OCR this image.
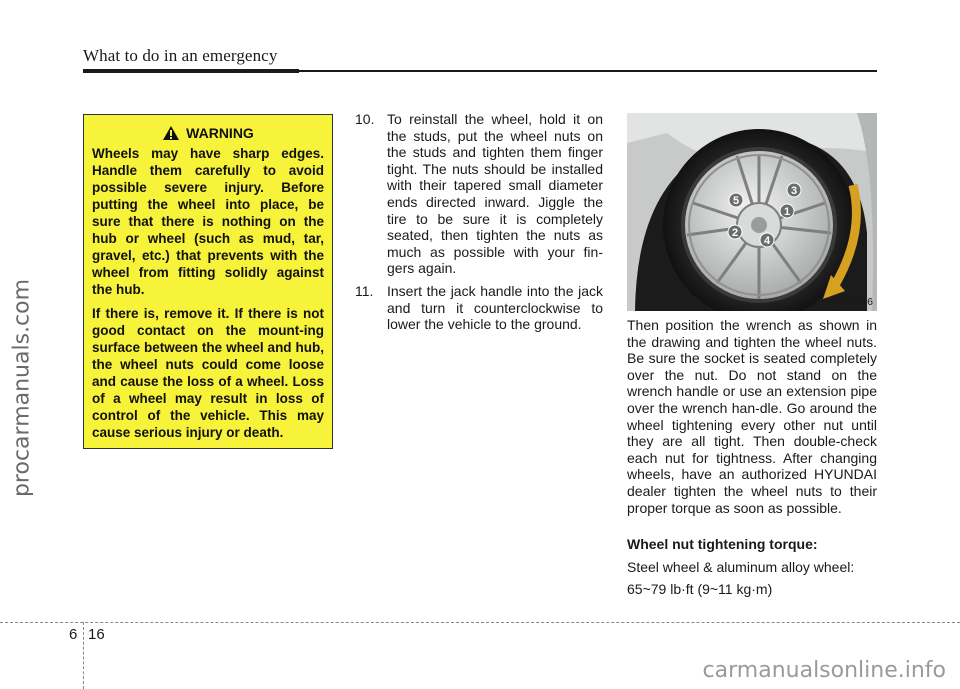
What to do in an emergency
procarmanuals.com
WARNING

Wheels may have sharp edges. Handle them carefully to avoid possible severe injury. Before putting the wheel into place, be sure that there is nothing on the hub or wheel (such as mud, tar, gravel, etc.) that prevents with the wheel from fitting solidly against the hub.

If there is, remove it. If there is not good contact on the mount-ing surface between the wheel and hub, the wheel nuts could come loose and cause the loss of a wheel. Loss of a wheel may result in loss of control of the vehicle. This may cause serious injury or death.

10. To reinstall the wheel, hold it on the studs, put the wheel nuts on the studs and tighten them finger tight. The nuts should be installed with their tapered small diameter ends directed inward. Jiggle the tire to be sure it is completely seated, then tighten the nuts as much as possible with your fin-gers again.
11. Insert the jack handle into the jack and turn it counterclockwise to lower the vehicle to the ground.
3
5
1
2
4
OBK069016

Then position the wrench as shown in the drawing and tighten the wheel nuts. Be sure the socket is seated completely over the nut. Do not stand on the wrench handle or use an extension pipe over the wrench han-dle. Go around the wheel tightening every other nut until they are all tight. Then double-check each nut for tightness. After changing wheels, have an authorized HYUNDAI dealer tighten the wheel nuts to their proper torque as soon as possible.

Wheel nut tightening torque:

Steel wheel & aluminum alloy wheel:

65~79 lb·ft (9~11 kg·m)

6 16
carmanualsonline.info
